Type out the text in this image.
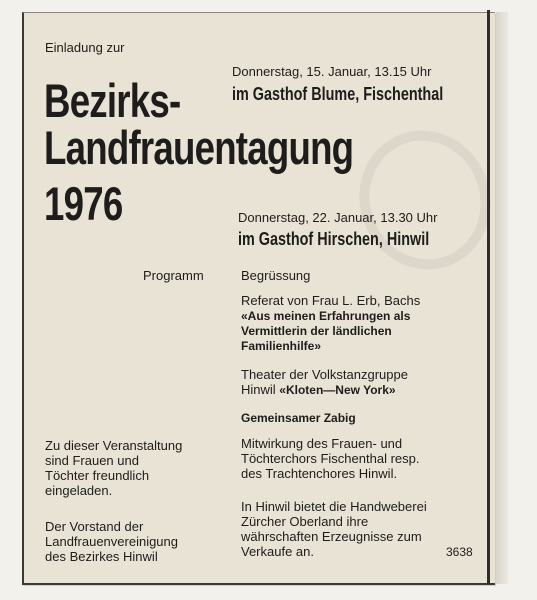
Einladung zur
Bezirks-
Landfrauentagung
1976
Donnerstag, 15. Januar, 13.15 Uhr
im Gasthof Blume, Fischenthal
Donnerstag, 22. Januar, 13.30 Uhr
im Gasthof Hirschen, Hinwil
Programm	Begrüssung
Referat von Frau L. Erb, Bachs
«Aus meinen Erfahrungen als
Vermittlerin der ländlichen
Familienhilfe»
Theater der Volkstanzgruppe
Hinwil «Kloten—New York»
Gemeinsamer Zabig
Mitwirkung des Frauen- und
Töchterchors Fischenthal resp.
des Trachtenchores Hinwil.
Zu dieser Veranstaltung
sind Frauen und
Töchter freundlich
eingeladen.
In Hinwil bietet die Handweberei
Zürcher Oberland ihre
währschaften Erzeugnisse zum
Verkaufe an.
Der Vorstand der
Landfrauenvereinigung
des Bezirkes Hinwil	3638
